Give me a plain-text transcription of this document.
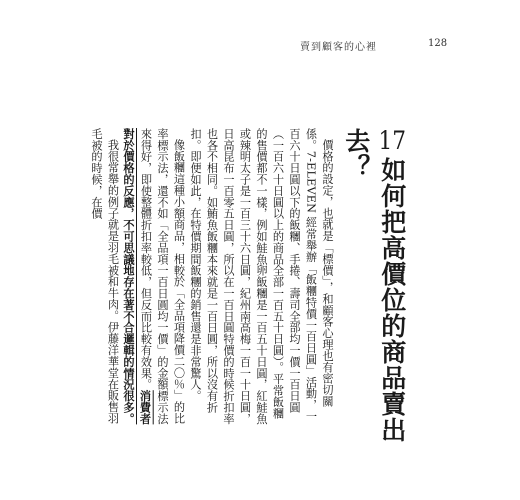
賣到顧客的心裡	128
17如何把高價位的商品賣出去？

價格的設定，也就是「標價」，和顧客心理也有密切關係。7-ELEVEN 經常舉辦「飯糰特價一百日圓」活動，一百六十日圓以下的飯糰、手捲、壽司全部均一價一百日圓（一百六十日圓以上的商品全部一百五十日圓）。平常飯糰的售價都不一樣，例如鮭魚卵飯糰是一百五十日圓，紅鮭魚或辣明太子是一百三十六日圓，紀州南高梅一百一十日圓，日高昆布一百零五日圓，所以在一百日圓特價的時候折扣率也各不相同。如鮪魚飯糰本來就是一百日圓，所以沒有折扣。即便如此，在特價期間飯糰的銷售還是非常驚人。

像飯糰這種小額商品，相較於「全品項降價二〇％」的比率標示法，還不如「全品項一百日圓均一價」的金額標示法來得好，即使整體折扣率較低，但反而比較有效果。消費者對於價格的反應，不可思議地存在著不合邏輯的情況很多。

我很常舉的例子就是羽毛被和牛肉。伊藤洋華堂在販售羽毛被的時候，在價
